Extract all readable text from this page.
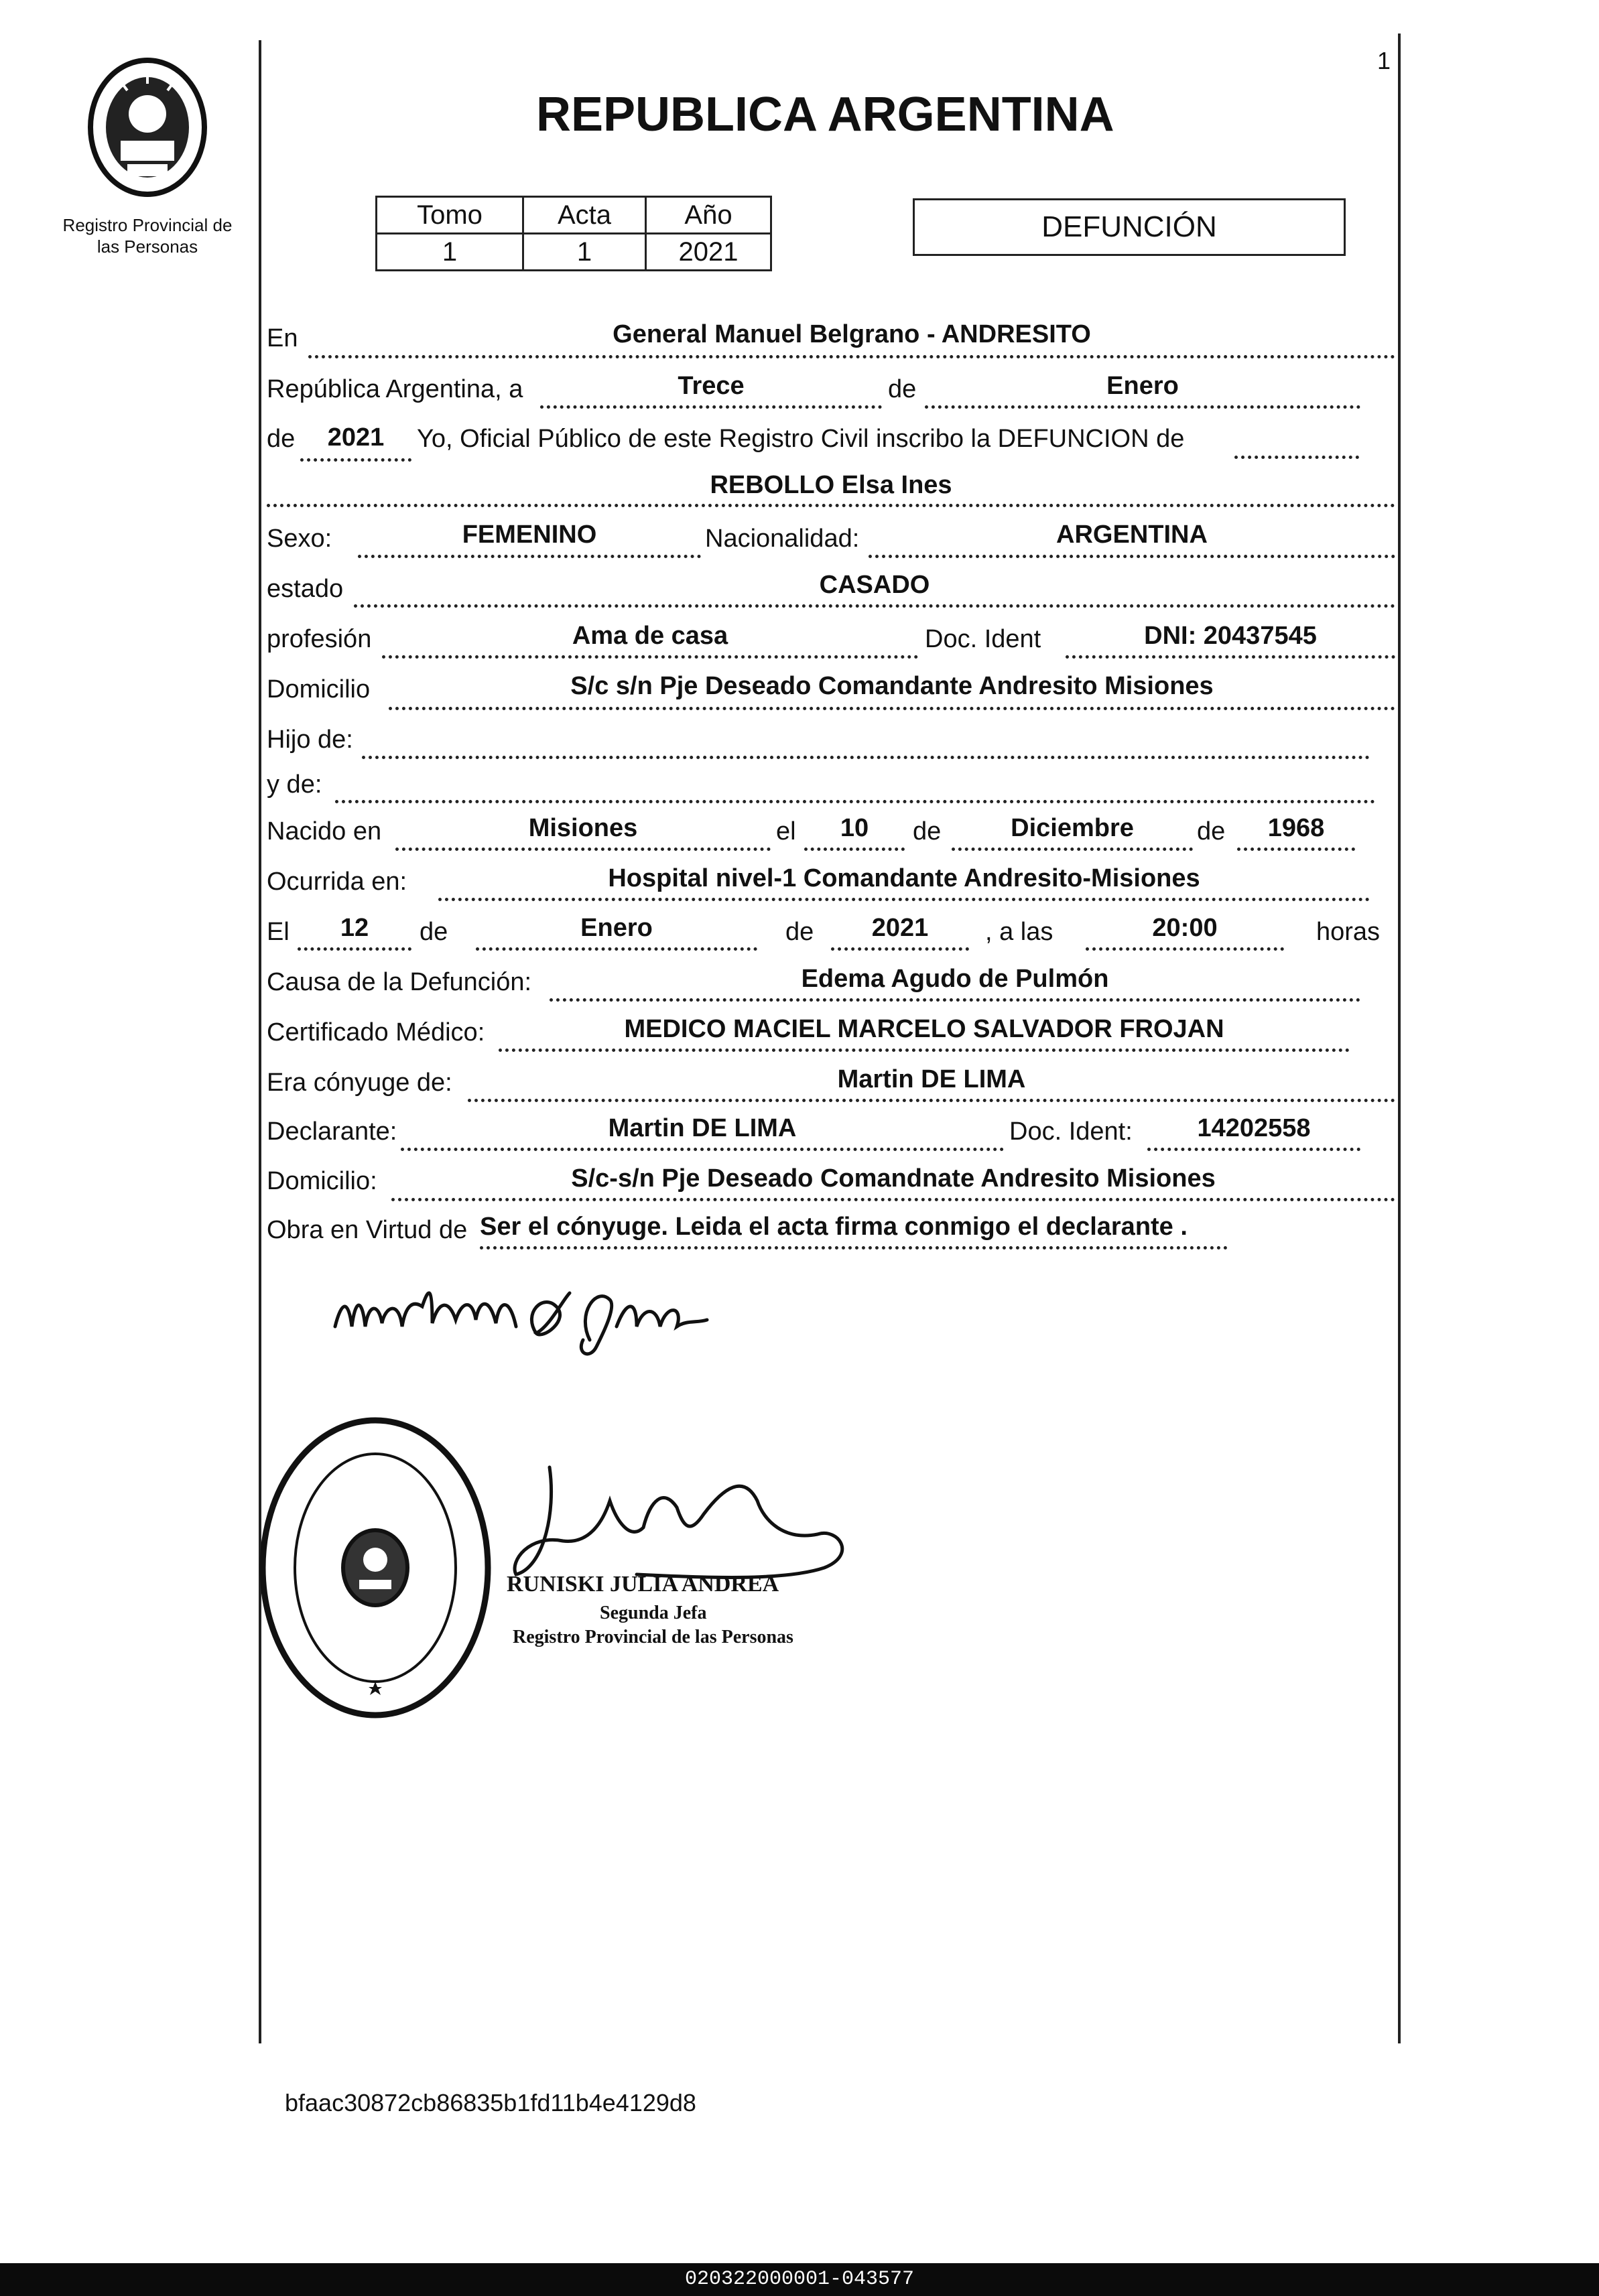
Registro Provincial de
las Personas
1
REPUBLICA ARGENTINA
Tomo	Acta	Año
1	1	2021
DEFUNCIÓN
En	General Manuel Belgrano - ANDRESITO
República Argentina, a	Trece	de	Enero
de	2021	Yo, Oficial Público de este Registro Civil inscribo la DEFUNCION de
REBOLLO Elsa Ines
Sexo:	FEMENINO	Nacionalidad:	ARGENTINA
estado	CASADO
profesión	Ama de casa	Doc. Ident	DNI: 20437545
Domicilio	S/c s/n Pje Deseado Comandante Andresito Misiones
Hijo de:
y de:
Nacido en	Misiones	el	10	de	Diciembre	de	1968
Ocurrida en:	Hospital nivel-1 Comandante Andresito-Misiones
El	12	de	Enero	de	2021	, a las	20:00	horas
Causa de la Defunción:	Edema Agudo de Pulmón
Certificado Médico:	MEDICO MACIEL MARCELO SALVADOR FROJAN
Era cónyuge de:	Martin DE LIMA
Declarante:	Martin DE LIMA	Doc. Ident:	14202558
Domicilio:	S/c-s/n Pje Deseado Comandnate Andresito Misiones
Obra en Virtud de Ser el cónyuge. Leida el acta firma conmigo el declarante .
RUNISKI JULIA ANDREA
Segunda Jefa
Registro Provincial de las Personas
bfaac30872cb86835b1fd11b4e4129d8
020322000001-043577
